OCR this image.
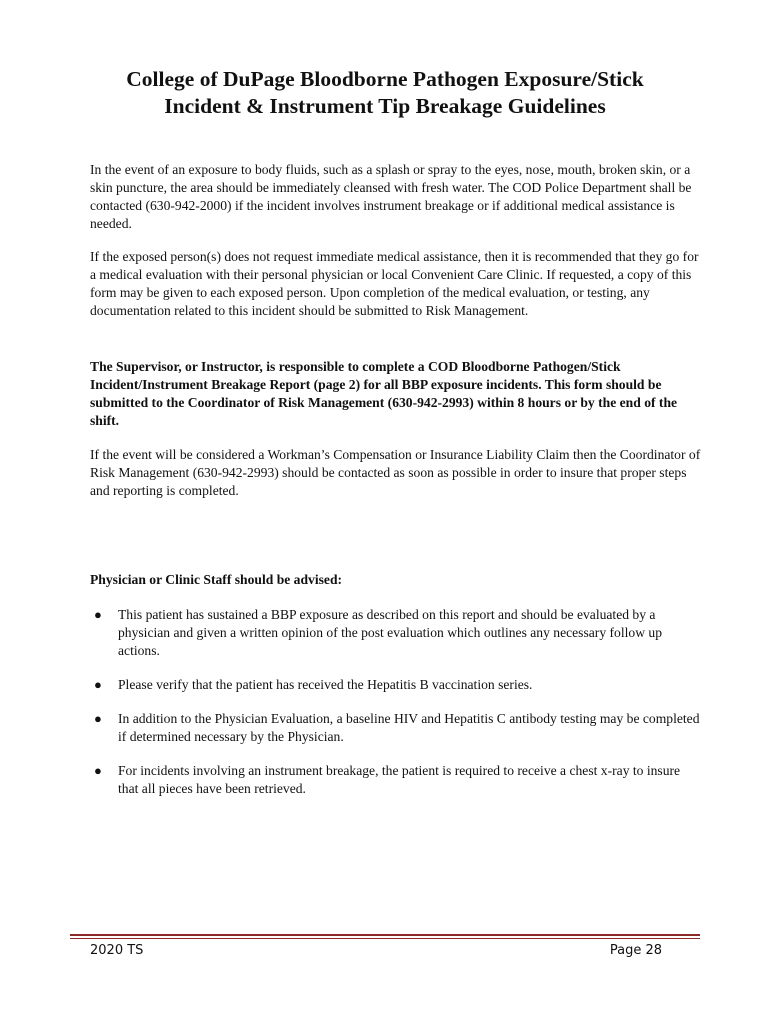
College of DuPage Bloodborne Pathogen Exposure/Stick
Incident & Instrument Tip Breakage Guidelines

In the event of an exposure to body fluids, such as a splash or spray to the eyes, nose, mouth, broken skin, or a skin puncture, the area should be immediately cleansed with fresh water. The COD Police Department shall be contacted (630-942-2000) if the incident involves instrument breakage or if additional medical assistance is needed.

If the exposed person(s) does not request immediate medical assistance, then it is recommended that they go for a medical evaluation with their personal physician or local Convenient Care Clinic. If requested, a copy of this form may be given to each exposed person. Upon completion of the medical evaluation, or testing, any documentation related to this incident should be submitted to Risk Management.

The Supervisor, or Instructor, is responsible to complete a COD Bloodborne Pathogen/Stick Incident/Instrument Breakage Report (page 2) for all BBP exposure incidents. This form should be submitted to the Coordinator of Risk Management (630-942-2993) within 8 hours or by the end of the shift.

If the event will be considered a Workman’s Compensation or Insurance Liability Claim then the Coordinator of Risk Management (630-942-2993) should be contacted as soon as possible in order to insure that proper steps and reporting is completed.

Physician or Clinic Staff should be advised:

● This patient has sustained a BBP exposure as described on this report and should be evaluated by a physician and given a written opinion of the post evaluation which outlines any necessary follow up actions.
● Please verify that the patient has received the Hepatitis B vaccination series.
● In addition to the Physician Evaluation, a baseline HIV and Hepatitis C antibody testing may be completed if determined necessary by the Physician.
● For incidents involving an instrument breakage, the patient is required to receive a chest x-ray to insure that all pieces have been retrieved.
2020 TS	Page 28
